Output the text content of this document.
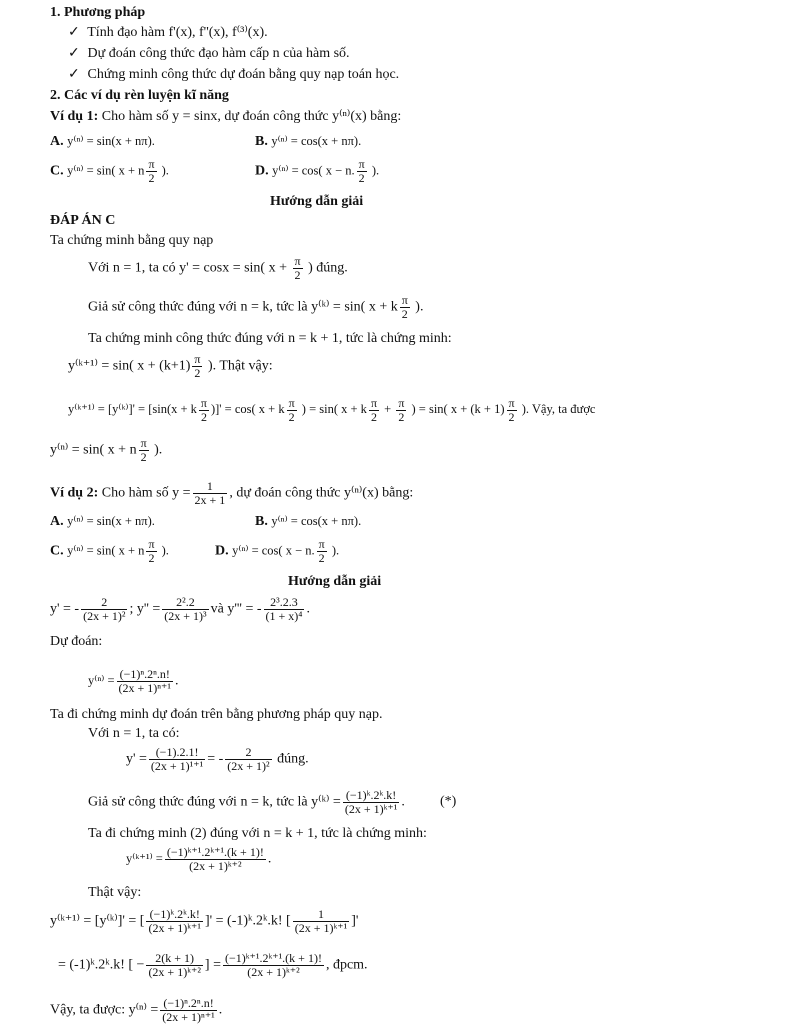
1. Phương pháp
✓ Tính đạo hàm f'(x), f''(x), f⁽³⁾(x).
✓ Dự đoán công thức đạo hàm cấp n của hàm số.
✓ Chứng minh công thức dự đoán bằng quy nạp toán học.
2. Các ví dụ rèn luyện kĩ năng
Ví dụ 1: Cho hàm số y = sinx, dự đoán công thức y⁽ⁿ⁾(x) bằng:
A. y⁽ⁿ⁾ = sin(x + nπ).	B. y⁽ⁿ⁾ = cos(x + nπ).
C. y⁽ⁿ⁾ = sin( x + n $\frac{\pi}{2}$ ).	D. y⁽ⁿ⁾ = cos( x − n. $\frac{\pi}{2}$ ).
Hướng dẫn giải
ĐÁP ÁN C
Ta chứng minh bằng quy nạp
Với n = 1, ta có y' = cosx = sin( $x + \frac{\pi}{2}$ ) đúng.
Giả sử công thức đúng với n = k, tức là y⁽ᵏ⁾ = sin( x + k $\frac{\pi}{2}$ ).
Ta chứng minh công thức đúng với n = k + 1, tức là chứng minh:
y⁽ᵏ⁺¹⁾ = sin( $x + (k+1) \frac{\pi}{2}$ ). Thật vậy:
y⁽ᵏ⁺¹⁾ = [y⁽ᵏ⁾]' = [sin(x + k $\frac{\pi}{2}$ )]' = cos( x + k $\frac{\pi}{2}$ ) = sin( x + k $\frac{\pi}{2} + \frac{\pi}{2}$ ) = sin( $x + (k + 1) \frac{\pi}{2}$ ). Vậy, ta được
y⁽ⁿ⁾ = sin( x + n $\frac{\pi}{2}$ ).
Ví dụ 2: Cho hàm số $y = \frac{1}{2x + 1}$ , dự đoán công thức y⁽ⁿ⁾(x) bằng:
A. y⁽ⁿ⁾ = sin(x + nπ).	B. y⁽ⁿ⁾ = cos(x + nπ).
C. y⁽ⁿ⁾ = sin( x + n $\frac{\pi}{2}$ ).	D. y⁽ⁿ⁾ = cos( x − n. $\frac{\pi}{2}$ ).
Hướng dẫn giải
y' = - $\frac{2}{\text{(2x + 1)²}}$ ; $y'' = \frac{\text{2².2}}{\text{(2x + 1)³}}$ và y''' = - $\frac{\text{2³.2.3}}{\text{(1 + x)⁴}}$ .
Dự đoán:
$y^{(n)} = \frac{\text{(−1)ⁿ.2ⁿ.n!}}{\text{(2x + 1)ⁿ⁺¹}}$ .
Ta đi chứng minh dự đoán trên bằng phương pháp quy nạp.
Với n = 1, ta có:
$y' = \frac{(-1).2.1!}{\text{(2x + 1)¹⁺¹}}$ = - $\frac{2}{\text{(2x + 1)²}}$ đúng.
Giả sử công thức đúng với n = k, tức là y⁽ᵏ⁾ = $\frac{\text{(−1)ᵏ.2ᵏ.k!}}{\text{(2x + 1)ᵏ⁺¹}}$ .	(*)
Ta đi chứng minh (2) đúng với n = k + 1, tức là chứng minh:
y⁽ᵏ⁺¹⁾ = $\frac{\text{(−1)ᵏ⁺¹.2ᵏ⁺¹.(k + 1)!}}{\text{(2x + 1)ᵏ⁺²}}$ .
Thật vậy:
y⁽ᵏ⁺¹⁾ = [y⁽ᵏ⁾]' = [ $\frac{\text{(−1)ᵏ.2ᵏ.k!}}{\text{(2x + 1)ᵏ⁺¹}}$ ]' = (-1)ᵏ.2ᵏ.k! [ $\frac{1}{\text{(2x + 1)ᵏ⁺¹}}$ ]'
= (-1)ᵏ.2ᵏ.k! [ − $\frac{2(k + 1)}{\text{(2x + 1)ᵏ⁺²}}$ ] = $\frac{\text{(−1)ᵏ⁺¹.2ᵏ⁺¹.(k + 1)!}}{\text{(2x + 1)ᵏ⁺²}}$ , đpcm.
Vậy, ta được: $y^{(n)} = \frac{\text{(−1)ⁿ.2ⁿ.n!}}{\text{(2x + 1)ⁿ⁺¹}}$ .
